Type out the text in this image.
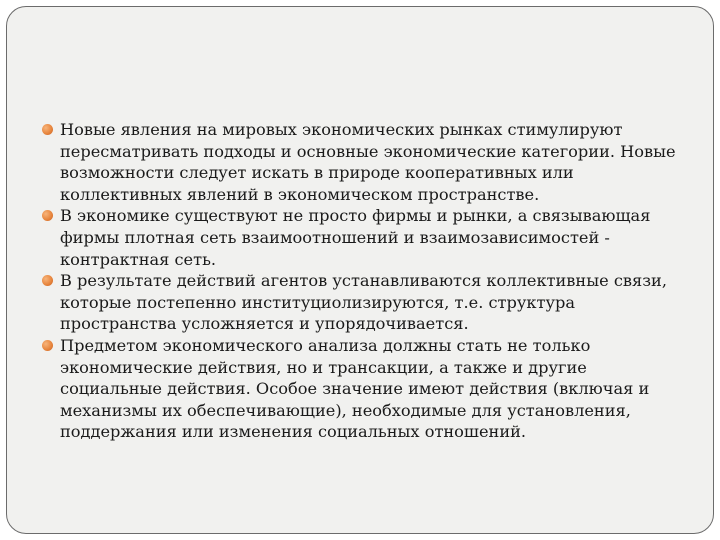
Новые явления на мировых экономических рынках стимулируют пересматривать подходы и основные экономические категории. Новые возможности следует искать в природе кооперативных или коллективных явлений в экономическом пространстве.
В экономике существуют не просто фирмы и рынки, а связывающая фирмы плотная сеть взаимоотношений и взаимозависимостей - контрактная сеть.
В результате действий агентов устанавливаются коллективные связи, которые постепенно институциолизируются, т.е. структура пространства усложняется и упорядочивается.
Предметом экономического анализа должны стать не только экономические действия, но и трансакции, а также и другие социальные действия. Особое значение имеют действия (включая и механизмы их обеспечивающие), необходимые для установления, поддержания или изменения социальных отношений.
